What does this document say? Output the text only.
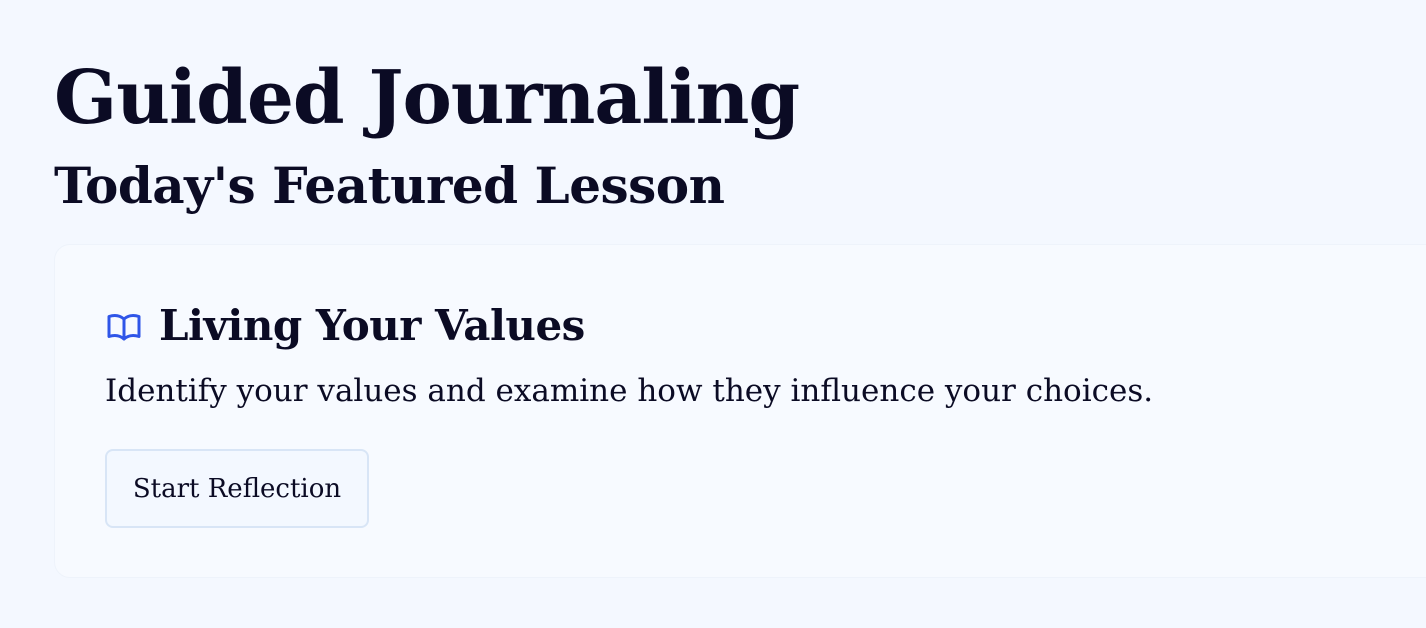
Guided Journaling
Today's Featured Lesson
Living Your Values

Identify your values and examine how they influence your choices.

Start Reflection
